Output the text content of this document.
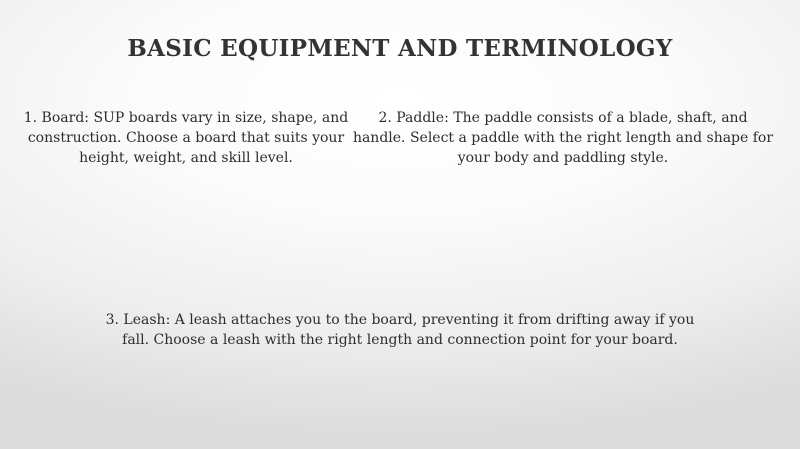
BASIC EQUIPMENT AND TERMINOLOGY

1. Board: SUP boards vary in size, shape, and construction. Choose a board that suits your height, weight, and skill level.

2. Paddle: The paddle consists of a blade, shaft, and handle. Select a paddle with the right length and shape for your body and paddling style.

3. Leash: A leash attaches you to the board, preventing it from drifting away if you fall. Choose a leash with the right length and connection point for your board.
